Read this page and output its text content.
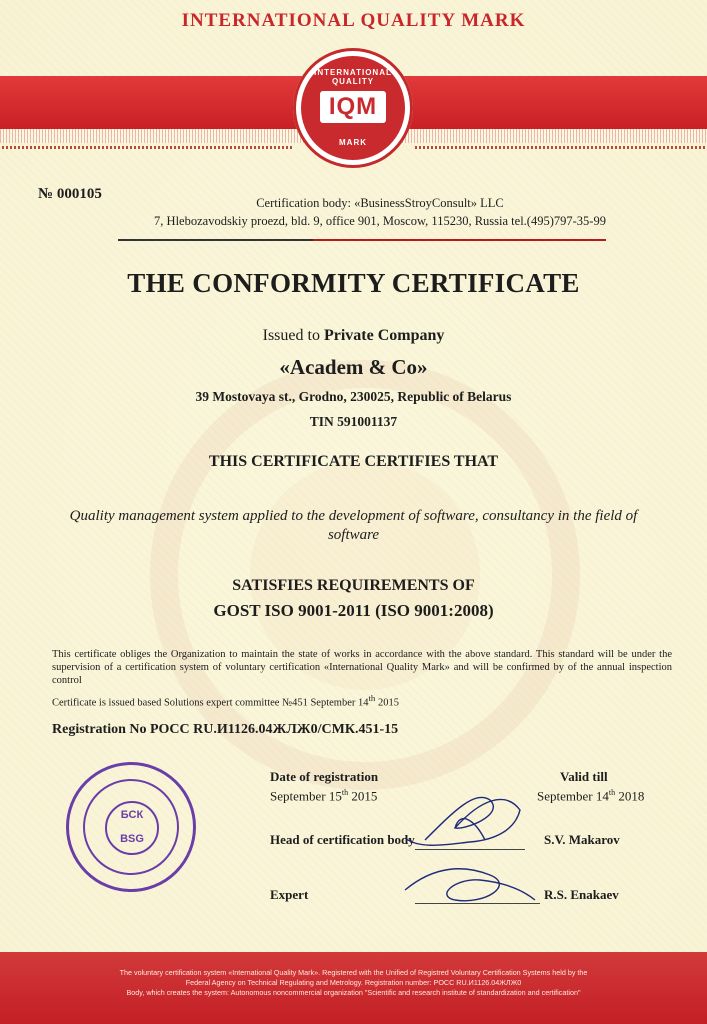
INTERNATIONAL QUALITY MARK
INTERNATIONAL QUALITY
IQM
MARK
№ 000105
Certification body: «BusinessStroyConsult» LLC
7, Hlebozavodskiy proezd, bld. 9, office 901, Moscow, 115230, Russia tel.(495)797-35-99
THE CONFORMITY CERTIFICATE
Issued to Private Company
«Academ & Co»
39 Mostovaya st., Grodno, 230025, Republic of Belarus
TIN 591001137
THIS CERTIFICATE CERTIFIES THAT
Quality management system applied to the development of software, consultancy in the field of software
SATISFIES REQUIREMENTS OF
GOST ISO 9001-2011 (ISO 9001:2008)
This certificate obliges the Organization to maintain the state of works in accordance with the above standard. This standard will be under the supervision of a certification system of voluntary certification «International Quality Mark» and will be confirmed by of the annual inspection control
Certificate is issued based Solutions expert committee №451 September 14th 2015
Registration No POCC RU.И1126.04ЖЛЖ0/СМК.451-15
Date of registration
September 15th 2015
Valid till
September 14th 2018
Head of certification body	S.V. Makarov
Expert	R.S. Enakaev
БСК
BSG
The voluntary certification system «International Quality Mark». Registered with the Unified of Registred Voluntary Certification Systems held by the
Federal Agency on Technical Regulating and Metrology. Registration number: POCC RU.И1126.04ЖЛЖ0
Body, which creates the system: Autonomous noncommercial organization "Scientific and research institute of standardization and certification"
